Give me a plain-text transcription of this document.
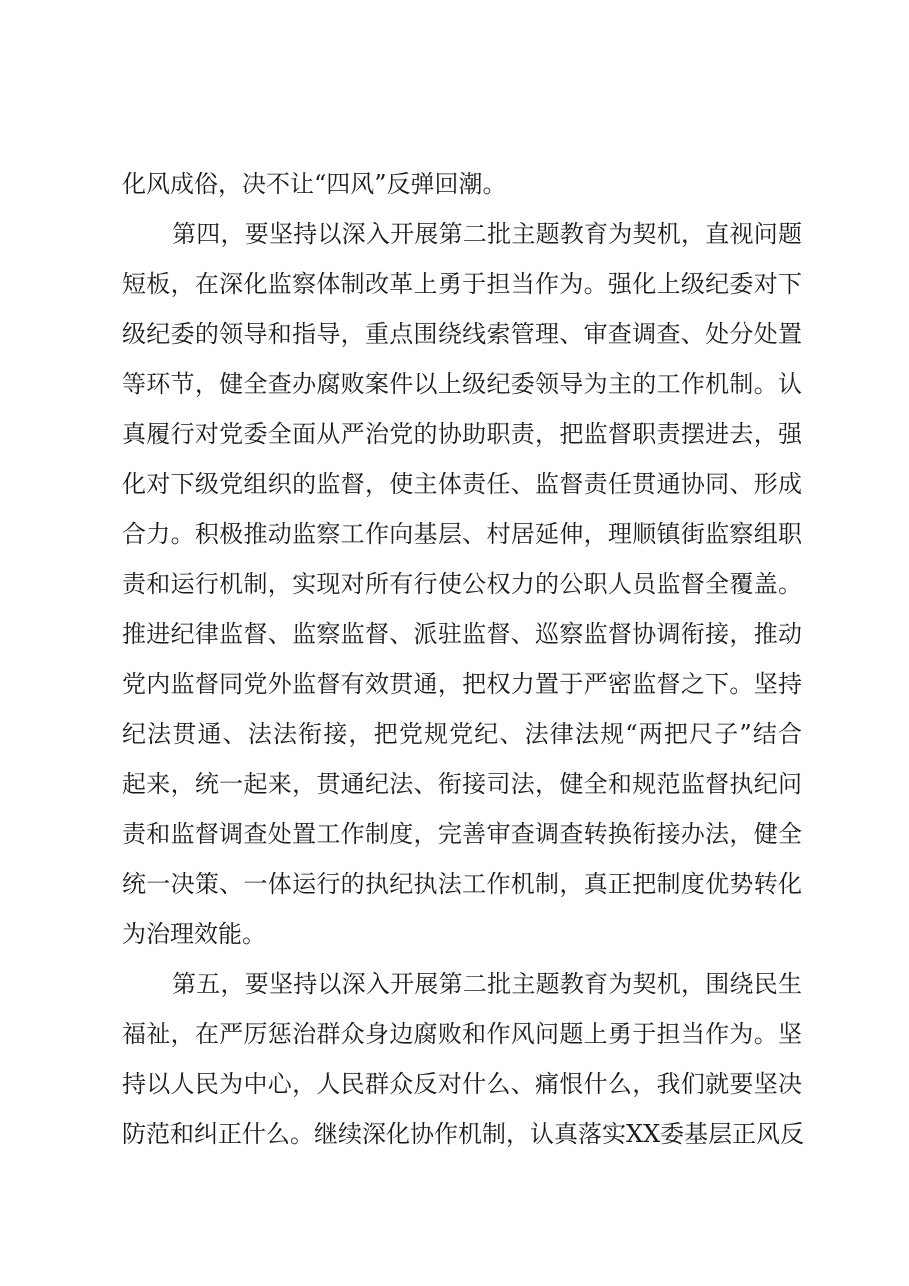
化风成俗，决不让“四风”反弹回潮。
第四，要坚持以深入开展第二批主题教育为契机，直视问题
短板，在深化监察体制改革上勇于担当作为。强化上级纪委对下
级纪委的领导和指导，重点围绕线索管理、审查调查、处分处置
等环节，健全查办腐败案件以上级纪委领导为主的工作机制。认
真履行对党委全面从严治党的协助职责，把监督职责摆进去，强
化对下级党组织的监督，使主体责任、监督责任贯通协同、形成
合力。积极推动监察工作向基层、村居延伸，理顺镇街监察组职
责和运行机制，实现对所有行使公权力的公职人员监督全覆盖。
推进纪律监督、监察监督、派驻监督、巡察监督协调衔接，推动
党内监督同党外监督有效贯通，把权力置于严密监督之下。坚持
纪法贯通、法法衔接，把党规党纪、法律法规“两把尺子”结合
起来，统一起来，贯通纪法、衔接司法，健全和规范监督执纪问
责和监督调查处置工作制度，完善审查调查转换衔接办法，健全
统一决策、一体运行的执纪执法工作机制，真正把制度优势转化
为治理效能。
第五，要坚持以深入开展第二批主题教育为契机，围绕民生
福祉，在严厉惩治群众身边腐败和作风问题上勇于担当作为。坚
持以人民为中心，人民群众反对什么、痛恨什么，我们就要坚决
防范和纠正什么。继续深化协作机制，认真落实XX委基层正风反
